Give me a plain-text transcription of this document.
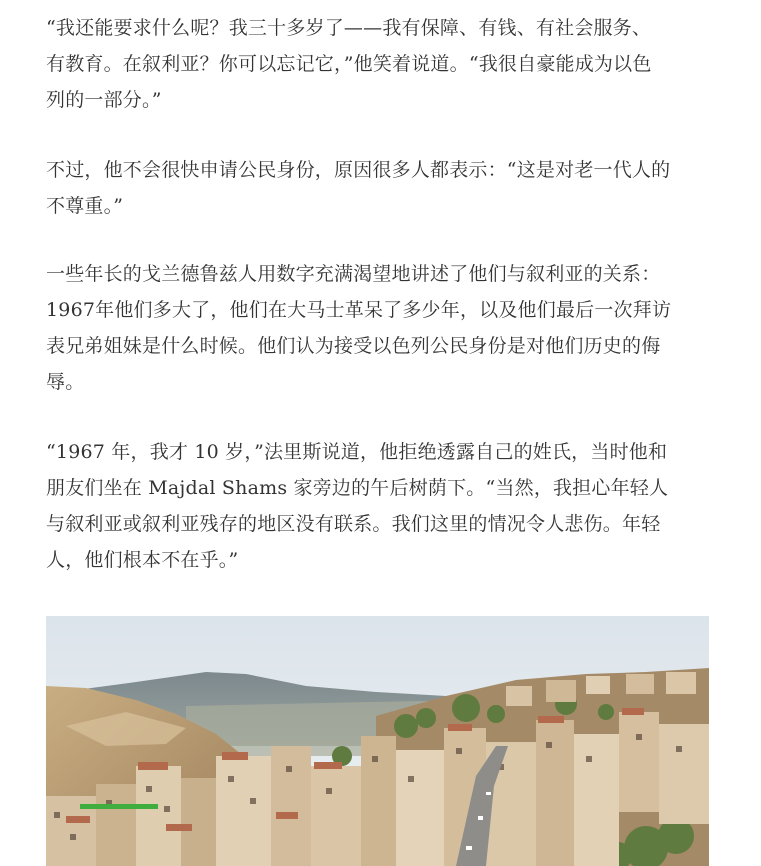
“我还能要求什么呢？我三十多岁了——我有保障、有钱、有社会服务、
有教育。在叙利亚？你可以忘记它，”他笑着说道。“我很自豪能成为以色
列的一部分。”

不过，他不会很快申请公民身份，原因很多人都表示：“这是对老一代人的
不尊重。”

一些年长的戈兰德鲁兹人用数字充满渴望地讲述了他们与叙利亚的关系：
1967年他们多大了，他们在大马士革呆了多少年，以及他们最后一次拜访
表兄弟姐妹是什么时候。他们认为接受以色列公民身份是对他们历史的侮
辱。

“1967 年，我才 10 岁，”法里斯说道，他拒绝透露自己的姓氏，当时他和
朋友们坐在 Majdal Shams 家旁边的午后树荫下。“当然，我担心年轻人
与叙利亚或叙利亚残存的地区没有联系。我们这里的情况令人悲伤。年轻
人，他们根本不在乎。”
